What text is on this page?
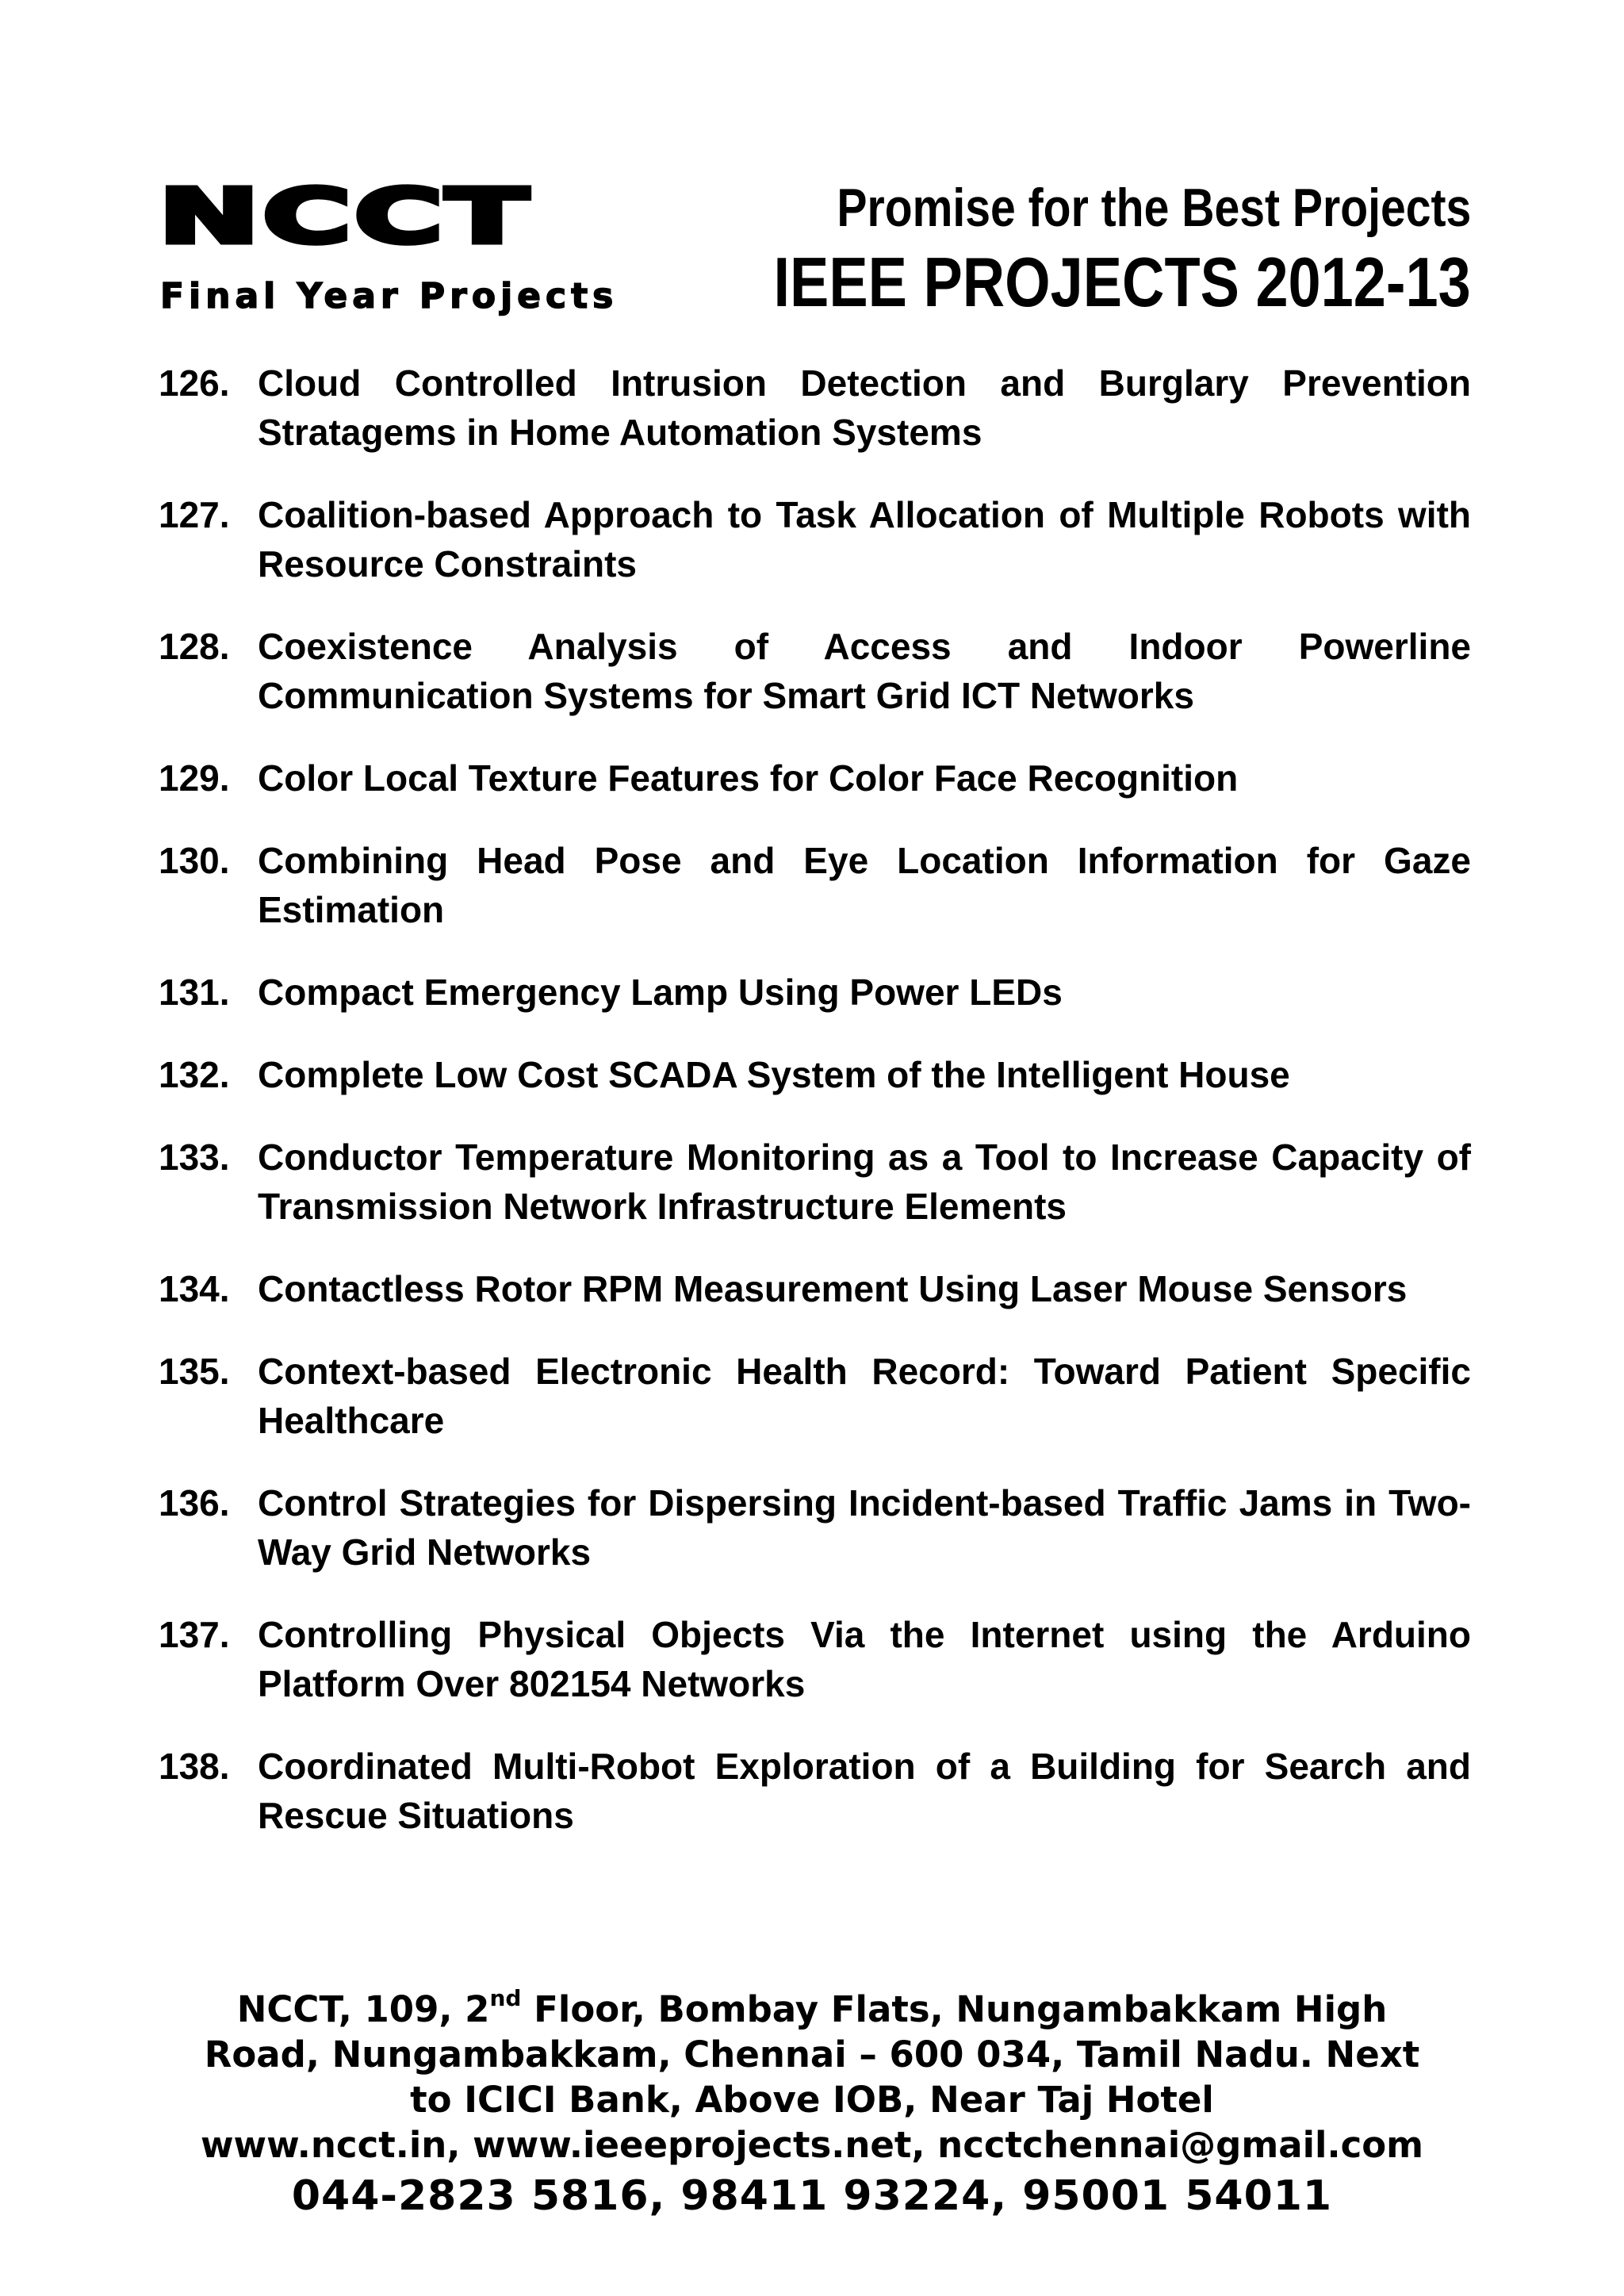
NCCT
Final Year Projects
Promise for the Best Projects
IEEE PROJECTS 2012-13
126. Cloud Controlled Intrusion Detection and Burglary Prevention Stratagems in Home Automation Systems
127. Coalition-based Approach to Task Allocation of Multiple Robots with Resource Constraints
128. Coexistence Analysis of Access and Indoor Powerline Communication Systems for Smart Grid ICT Networks
129. Color Local Texture Features for Color Face Recognition
130. Combining Head Pose and Eye Location Information for Gaze Estimation
131. Compact Emergency Lamp Using Power LEDs
132. Complete Low Cost SCADA System of the Intelligent House
133. Conductor Temperature Monitoring as a Tool to Increase Capacity of Transmission Network Infrastructure Elements
134. Contactless Rotor RPM Measurement Using Laser Mouse Sensors
135. Context-based Electronic Health Record: Toward Patient Specific Healthcare
136. Control Strategies for Dispersing Incident-based Traffic Jams in Two-Way Grid Networks
137. Controlling Physical Objects Via the Internet using the Arduino Platform Over 802154 Networks
138. Coordinated Multi-Robot Exploration of a Building for Search and Rescue Situations
NCCT, 109, 2nd Floor, Bombay Flats, Nungambakkam High
Road, Nungambakkam, Chennai – 600 034, Tamil Nadu. Next
to ICICI Bank, Above IOB, Near Taj Hotel
www.ncct.in, www.ieeeprojects.net, ncctchennai@gmail.com
044-2823 5816, 98411 93224, 95001 54011
